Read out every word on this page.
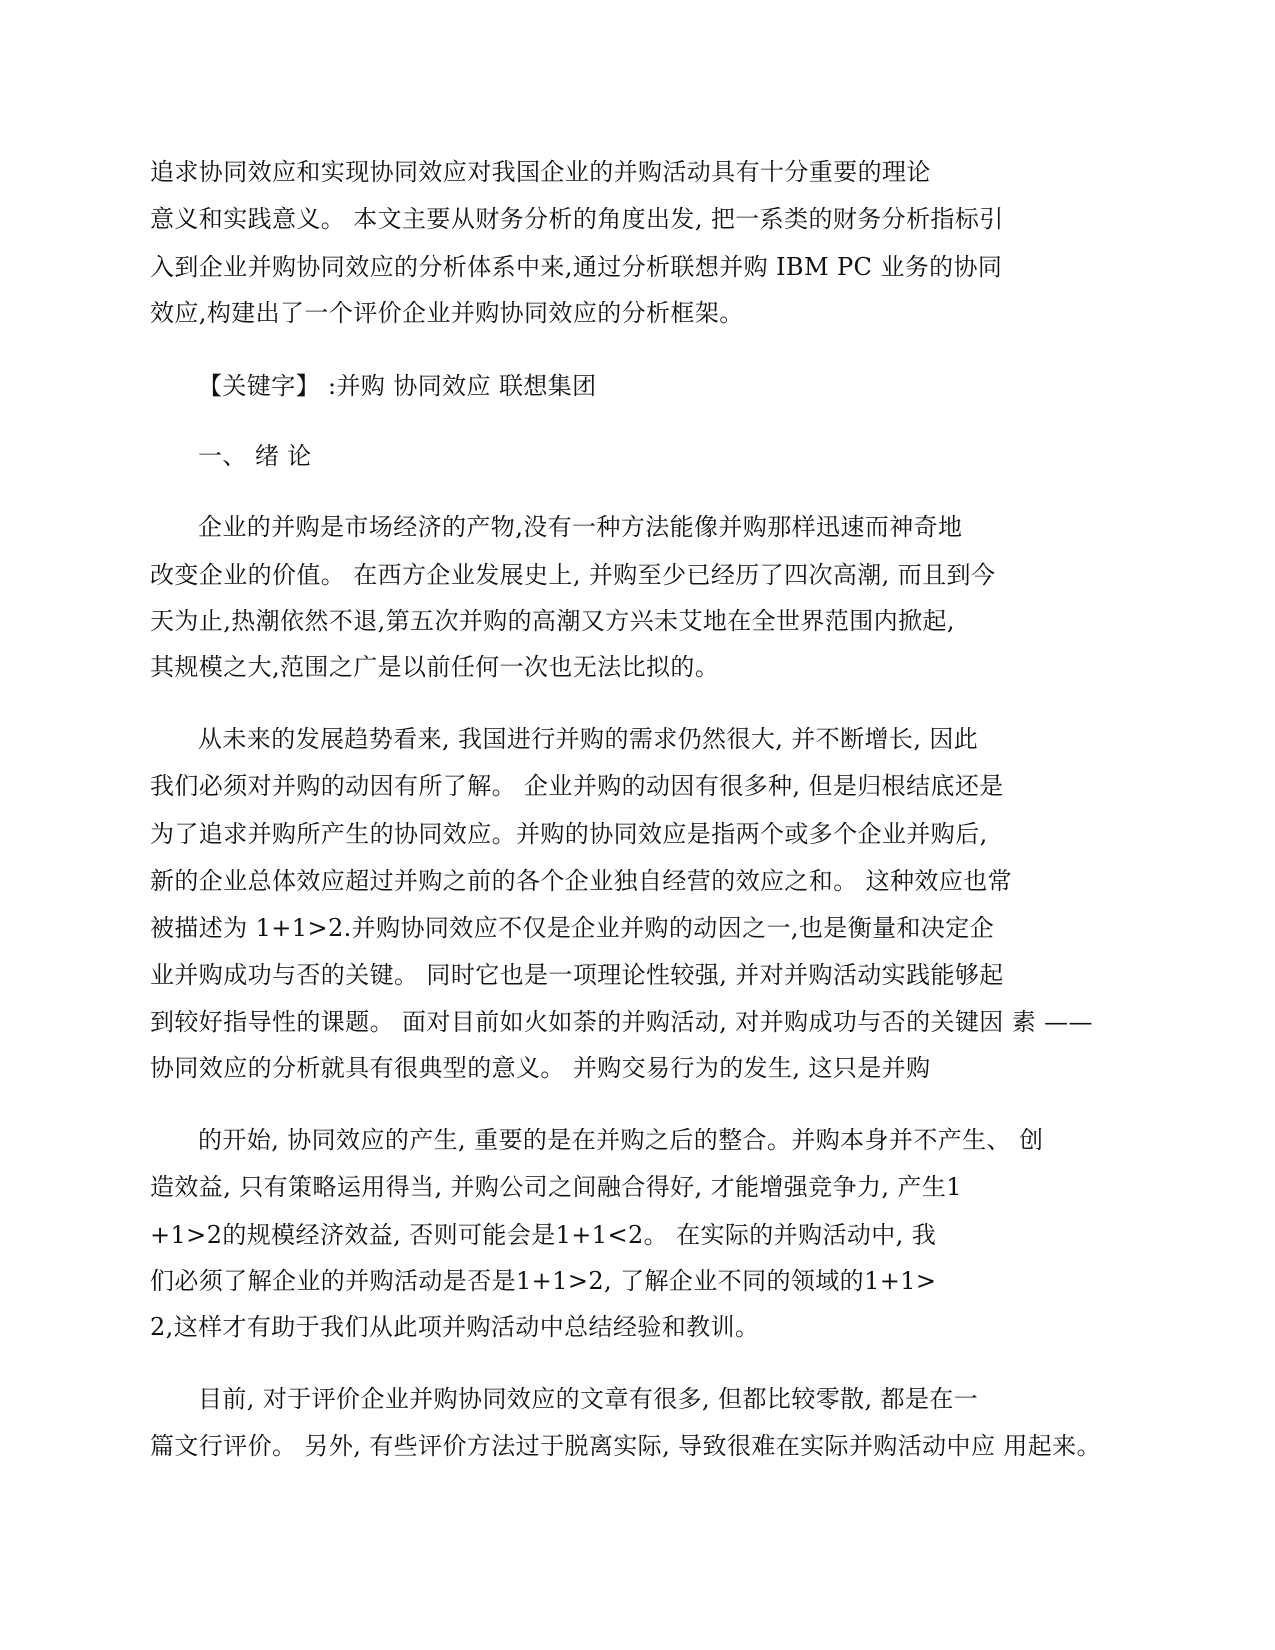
追求协同效应和实现协同效应对我国企业的并购活动具有十分重要的理论
意义和实践意义。 本文主要从财务分析的角度出发, 把一系类的财务分析指标引
入到企业并购协同效应的分析体系中来,通过分析联想并购 IBM PC 业务的协同
效应,构建出了一个评价企业并购协同效应的分析框架。
【关键字】 :并购 协同效应 联想集团
一、 绪 论
企业的并购是市场经济的产物,没有一种方法能像并购那样迅速而神奇地
改变企业的价值。 在西方企业发展史上, 并购至少已经历了四次高潮, 而且到今
天为止,热潮依然不退,第五次并购的高潮又方兴未艾地在全世界范围内掀起,
其规模之大,范围之广是以前任何一次也无法比拟的。
从未来的发展趋势看来, 我国进行并购的需求仍然很大, 并不断增长, 因此
我们必须对并购的动因有所了解。 企业并购的动因有很多种, 但是归根结底还是
为了追求并购所产生的协同效应。并购的协同效应是指两个或多个企业并购后,
新的企业总体效应超过并购之前的各个企业独自经营的效应之和。 这种效应也常
被描述为 1+1>2.并购协同效应不仅是企业并购的动因之一,也是衡量和决定企
业并购成功与否的关键。 同时它也是一项理论性较强, 并对并购活动实践能够起
到较好指导性的课题。 面对目前如火如荼的并购活动, 对并购成功与否的关键因 素 ——
协同效应的分析就具有很典型的意义。 并购交易行为的发生, 这只是并购
的开始, 协同效应的产生, 重要的是在并购之后的整合。并购本身并不产生、 创
造效益, 只有策略运用得当, 并购公司之间融合得好, 才能增强竞争力, 产生1
+1>2的规模经济效益, 否则可能会是1+1<2。 在实际的并购活动中, 我
们必须了解企业的并购活动是否是1+1>2, 了解企业不同的领域的1+1>
2,这样才有助于我们从此项并购活动中总结经验和教训。
目前, 对于评价企业并购协同效应的文章有很多, 但都比较零散, 都是在一
篇文行评价。 另外, 有些评价方法过于脱离实际, 导致很难在实际并购活动中应 用起来。
